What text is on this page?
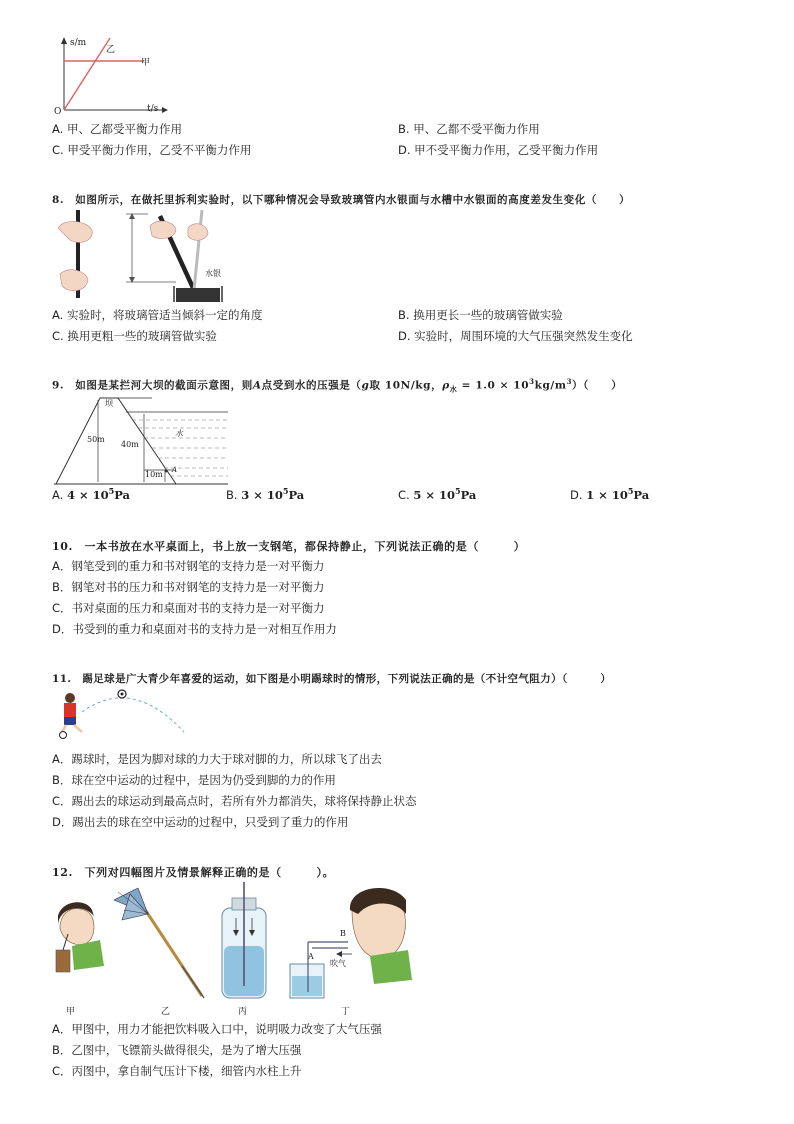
s/m
乙
甲
O	t/s
A. 甲、乙都受平衡力作用	B. 甲、乙都不受平衡力作用
C. 甲受平衡力作用，乙受不平衡力作用	D. 甲不受平衡力作用，乙受平衡力作用
8.　如图所示，在做托里拆利实验时，以下哪种情况会导致玻璃管内水银面与水槽中水银面的高度差发生变化（　　）
水银
A. 实验时，将玻璃管适当倾斜一定的角度	B. 换用更长一些的玻璃管做实验
C. 换用更粗一些的玻璃管做实验	D. 实验时，周围环境的大气压强突然发生变化
9.　如图是某拦河大坝的截面示意图，则A点受到水的压强是（g取 10N/kg，$\rho_水 = 1.0 \times 10^3kg/m^3$）（　　）
坝
水
50m
40m
10m A
A. $4 \times 10^5Pa$	B. $3 \times 10^5Pa$	C. $5 \times 10^5Pa$	D. $1 \times 10^5Pa$
10.　一本书放在水平桌面上，书上放一支钢笔，都保持静止，下列说法正确的是（　　　）
A．钢笔受到的重力和书对钢笔的支持力是一对平衡力
B．钢笔对书的压力和书对钢笔的支持力是一对平衡力
C．书对桌面的压力和桌面对书的支持力是一对平衡力
D．书受到的重力和桌面对书的支持力是一对相互作用力
11.　踢足球是广大青少年喜爱的运动，如下图是小明踢球时的情形，下列说法正确的是（不计空气阻力）（　　　）
A．踢球时，是因为脚对球的力大于球对脚的力，所以球飞了出去
B．球在空中运动的过程中，是因为仍受到脚的力的作用
C．踢出去的球运动到最高点时，若所有外力都消失，球将保持静止状态
D．踢出去的球在空中运动的过程中，只受到了重力的作用
12.　下列对四幅图片及情景解释正确的是（　　　）。
B
A
吹气
甲	乙	丙	丁
A．甲图中，用力才能把饮料吸入口中，说明吸力改变了大气压强
B．乙图中，飞镖箭头做得很尖，是为了增大压强
C．丙图中，拿自制气压计下楼，细管内水柱上升
